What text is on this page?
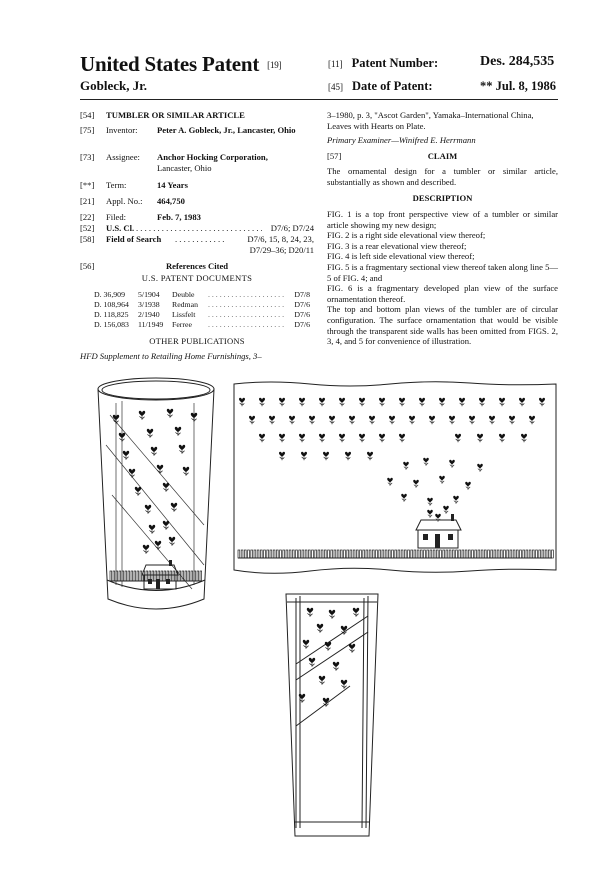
United States Patent [19]
Gobleck, Jr.
[11] Patent Number:	Des. 284,535
[45] Date of Patent:	** Jul. 8, 1986
[54] TUMBLER OR SIMILAR ARTICLE
[75] Inventor: Peter A. Gobleck, Jr., Lancaster, Ohio
[73] Assignee: Anchor Hocking Corporation,
Lancaster, Ohio
[**] Term:	14 Years
[21] Appl. No.: 464,750
[22] Filed:	Feb. 7, 1983
[52] U.S. Cl. . . .	D7/6; D7/24
[58] Field of Search . . .	D7/6, 15, 8, 24, 23,
D7/29–36; D20/11
[56]	References Cited
U.S. PATENT DOCUMENTS
D. 36,909 5/1904 Deuble	D7/8
. . .
D. 108,964 3/1938 Redman	D7/6
. . .
D. 118,825 2/1940 Lissfelt	D7/6
. . .
D. 156,083 11/1949 Ferree	D7/6
. . .
OTHER PUBLICATIONS
HFD Supplement to Retailing Home Furnishings, 3–
3–1980, p. 3, "Ascot Garden", Yamaka–International China, Leaves with Hearts on Plate.
Primary Examiner—Winifred E. Herrmann
[57]	CLAIM
The ornamental design for a tumbler or similar article, substantially as shown and described.
DESCRIPTION
FIG. 1 is a top front perspective view of a tumbler or similar article showing my new design;
FIG. 2 is a right side elevational view thereof;
FIG. 3 is a rear elevational view thereof;
FIG. 4 is left side elevational view thereof;
FIG. 5 is a fragmentary sectional view thereof taken along line 5—5 of FIG. 4; and
FIG. 6 is a fragmentary developed plan view of the surface ornamentation thereof.
The top and bottom plan views of the tumbler are of circular configuration. The surface ornamentation that would be visible through the transparent side walls has been omitted from FIGS. 2, 3, 4, and 5 for convenience of illustration.
